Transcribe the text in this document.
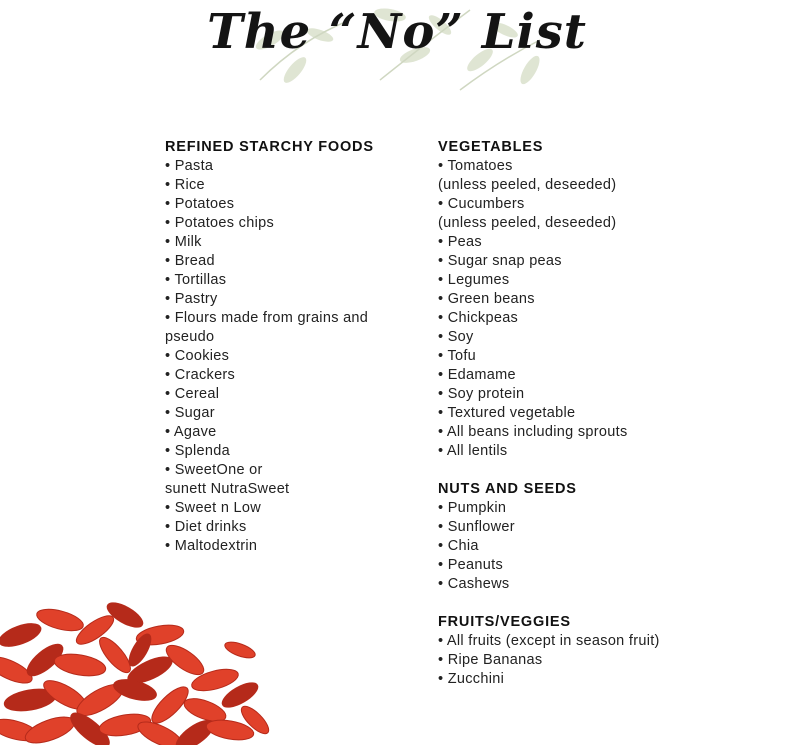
The “No” List
REFINED STARCHY FOODS
• Pasta
• Rice
• Potatoes
• Potatoes chips
• Milk
• Bread
• Tortillas
• Pastry
• Flours made from grains and
pseudo
• Cookies
• Crackers
• Cereal
• Sugar
• Agave
• Splenda
• SweetOne or
sunett NutraSweet
• Sweet n Low
• Diet drinks
• Maltodextrin
VEGETABLES
• Tomatoes
(unless peeled, deseeded)
• Cucumbers
(unless peeled, deseeded)
• Peas
• Sugar snap peas
• Legumes
• Green beans
• Chickpeas
• Soy
• Tofu
• Edamame
• Soy protein
• Textured vegetable
• All beans including sprouts
• All lentils
NUTS AND SEEDS
• Pumpkin
• Sunflower
• Chia
• Peanuts
• Cashews
FRUITS/VEGGIES
• All fruits (except in season fruit)
• Ripe Bananas
• Zucchini
